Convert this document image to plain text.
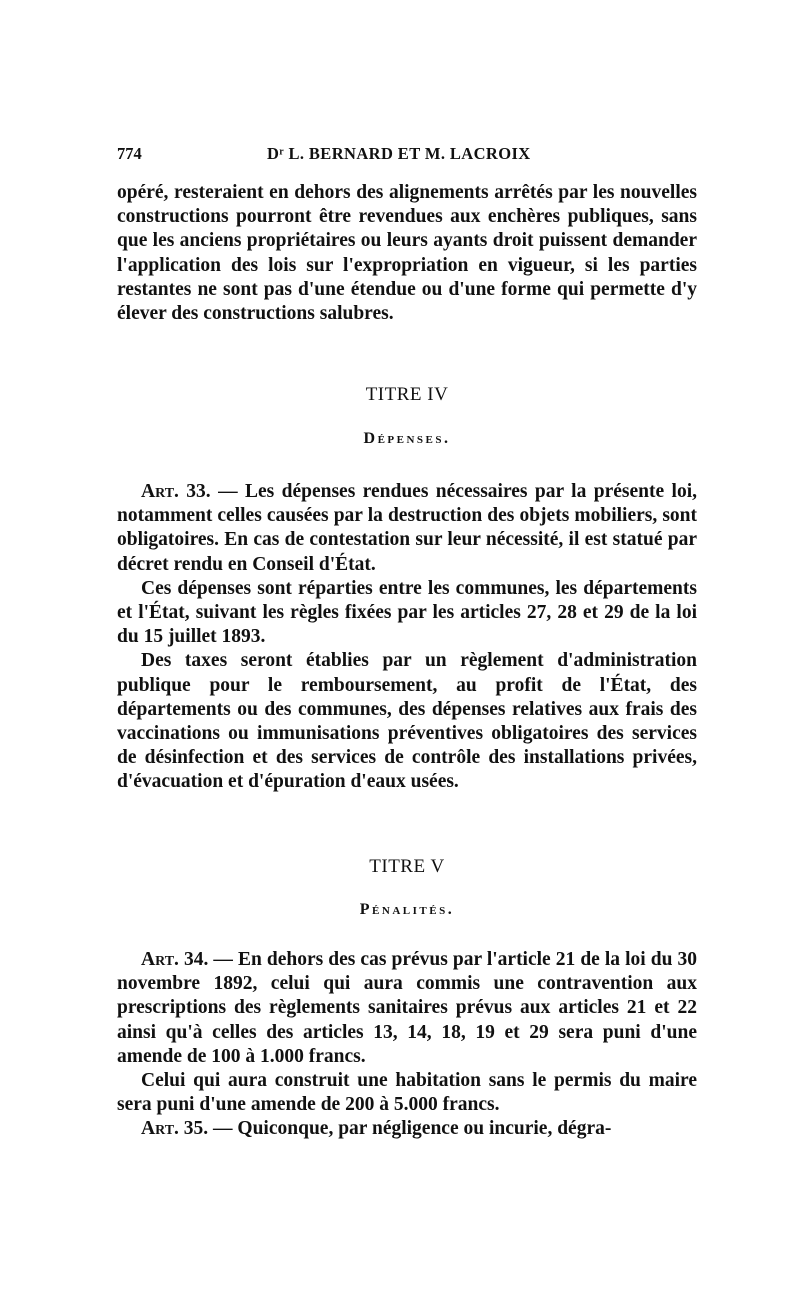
774	Dʳ L. BERNARD ET M. LACROIX

opéré, resteraient en dehors des alignements arrêtés par les nouvelles constructions pourront être revendues aux enchères publiques, sans que les anciens propriétaires ou leurs ayants droit puissent demander l'application des lois sur l'expropriation en vigueur, si les parties restantes ne sont pas d'une étendue ou d'une forme qui permette d'y élever des constructions salubres.

TITRE IV
Dépenses.

Art. 33. — Les dépenses rendues nécessaires par la présente loi, notamment celles causées par la destruction des objets mobiliers, sont obligatoires. En cas de contestation sur leur nécessité, il est statué par décret rendu en Conseil d'État.

Ces dépenses sont réparties entre les communes, les départements et l'État, suivant les règles fixées par les articles 27, 28 et 29 de la loi du 15 juillet 1893.

Des taxes seront établies par un règlement d'administration publique pour le remboursement, au profit de l'État, des départements ou des communes, des dépenses relatives aux frais des vaccinations ou immunisations préventives obligatoires des services de désinfection et des services de contrôle des installations privées, d'évacuation et d'épuration d'eaux usées.

TITRE V
Pénalités.

Art. 34. — En dehors des cas prévus par l'article 21 de la loi du 30 novembre 1892, celui qui aura commis une contravention aux prescriptions des règlements sanitaires prévus aux articles 21 et 22 ainsi qu'à celles des articles 13, 14, 18, 19 et 29 sera puni d'une amende de 100 à 1.000 francs.

Celui qui aura construit une habitation sans le permis du maire sera puni d'une amende de 200 à 5.000 francs.

Art. 35. — Quiconque, par négligence ou incurie, dégra-
